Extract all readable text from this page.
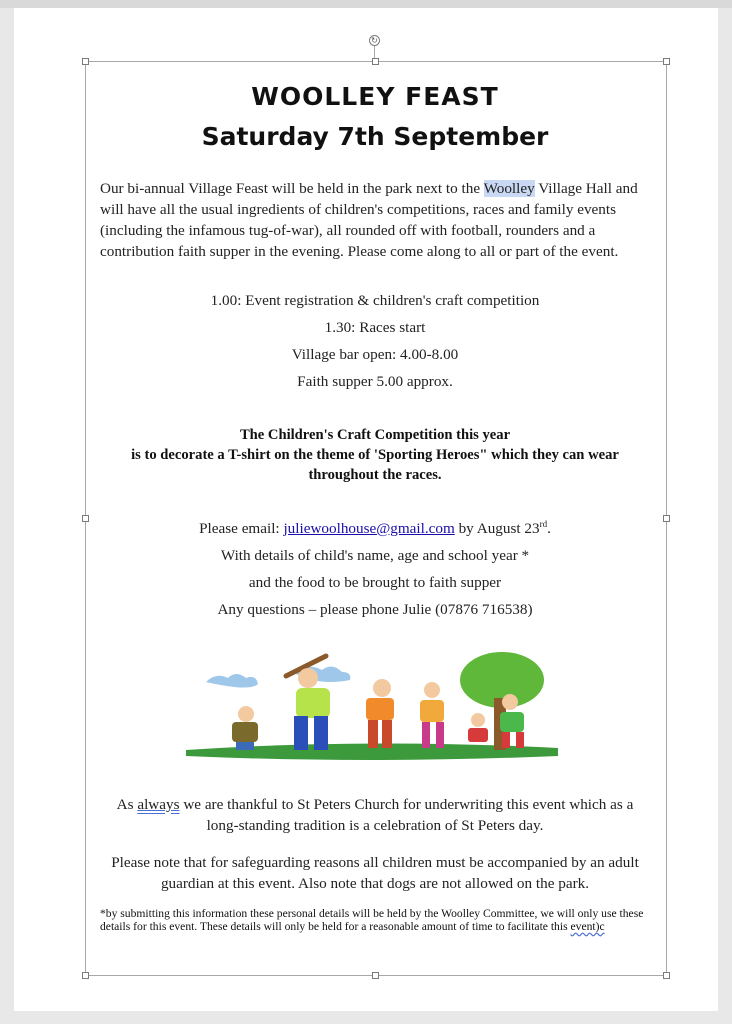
↻
WOOLLEY FEAST
Saturday 7th September
Our bi-annual Village Feast will be held in the park next to the Woolley Village Hall and will have all the usual ingredients of children's competitions, races and family events (including the infamous tug-of-war), all rounded off with football, rounders and a contribution faith supper in the evening. Please come along to all or part of the event.
1.00: Event registration & children's craft competition
1.30: Races start
Village bar open: 4.00-8.00
Faith supper 5.00 approx.
The Children's Craft Competition this year
is to decorate a T-shirt on the theme of 'Sporting Heroes" which they can wear
throughout the races.
Please email: juliewoolhouse@gmail.com by August 23rd.
With details of child's name, age and school year *
and the food to be brought to faith supper
Any questions – please phone Julie (07876 716538)
As always we are thankful to St Peters Church for underwriting this event which as a long-standing tradition is a celebration of St Peters day.
Please note that for safeguarding reasons all children must be accompanied by an adult guardian at this event. Also note that dogs are not allowed on the park.
*by submitting this information these personal details will be held by the Woolley Committee, we will only use these details for this event. These details will only be held for a reasonable amount of time to facilitate this event)c
